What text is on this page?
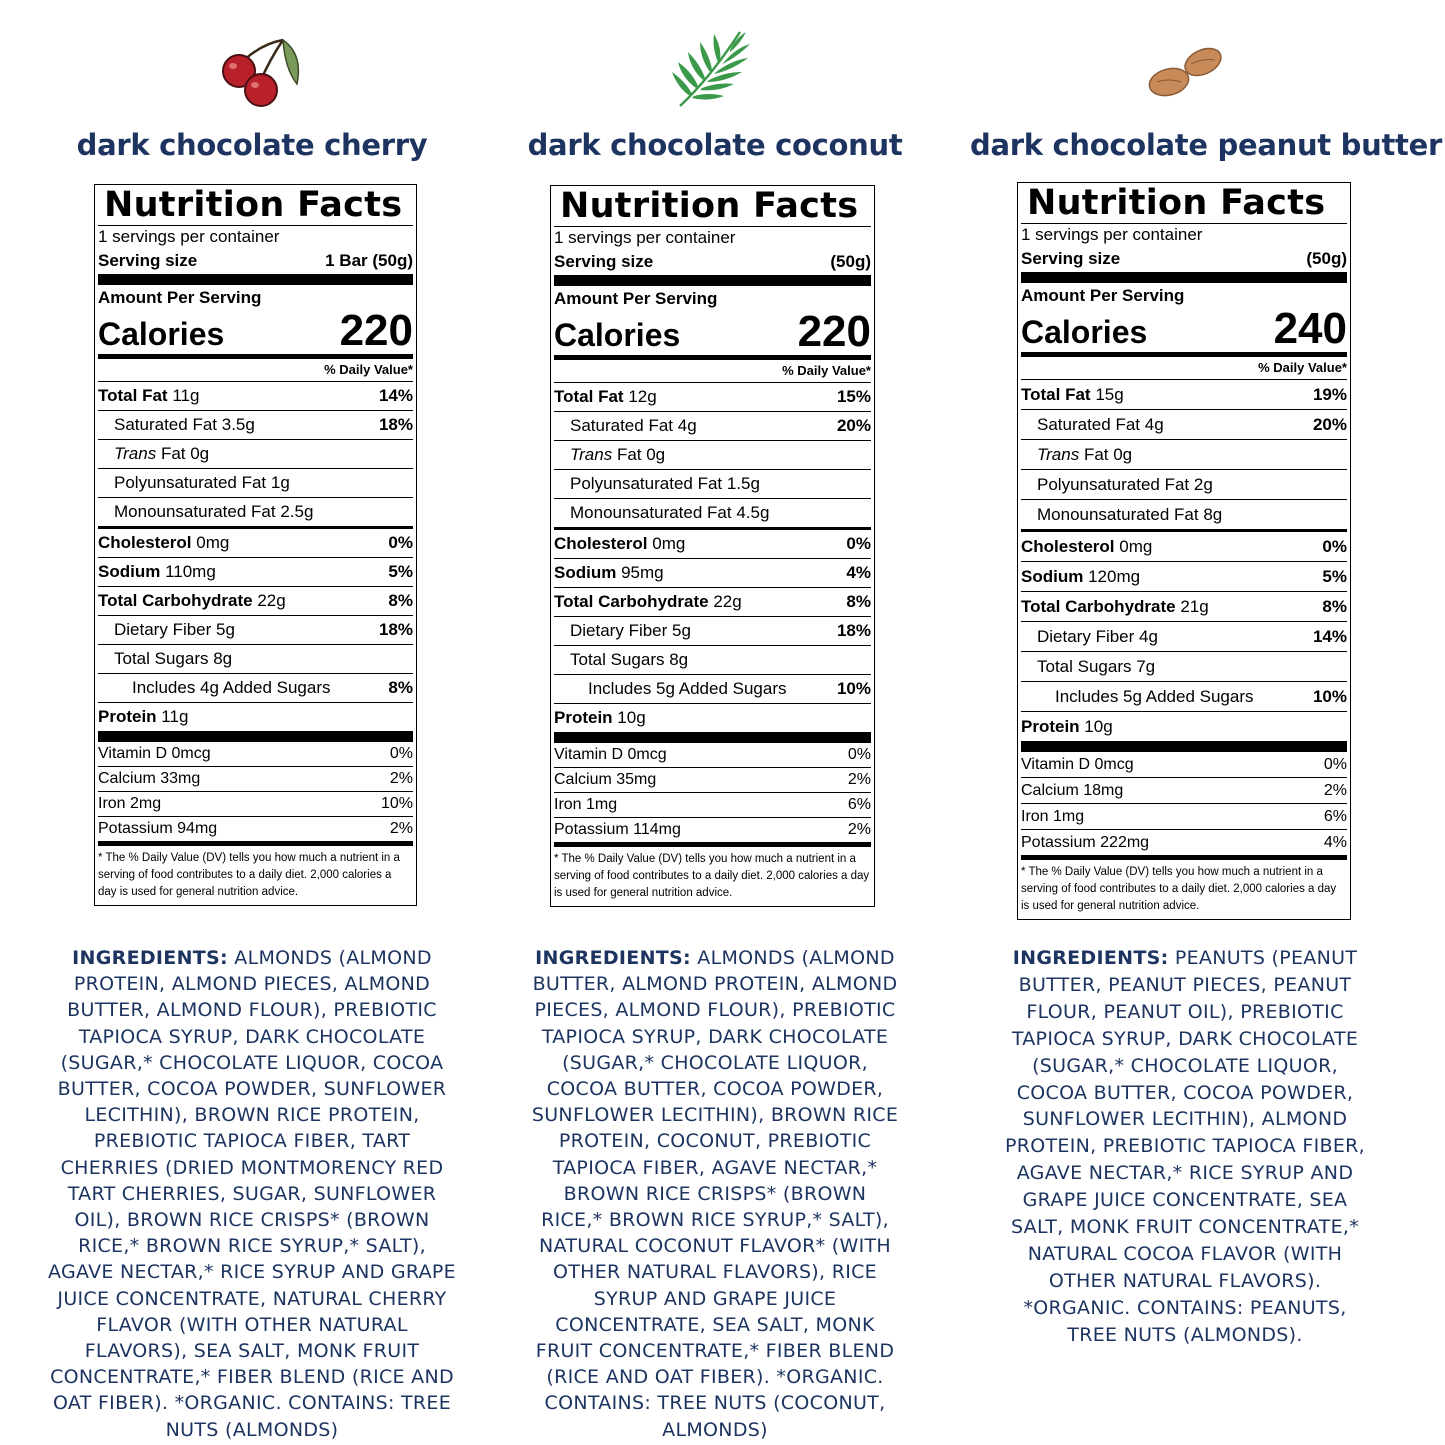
dark chocolate cherry
Nutrition Facts
1 servings per container
Serving size	1 Bar (50g)
Amount Per Serving
Calories	220
% Daily Value*
Total Fat 11g	14%
Saturated Fat 3.5g	18%
Trans Fat 0g
Polyunsaturated Fat 1g
Monounsaturated Fat 2.5g
Cholesterol 0mg	0%
Sodium 110mg	5%
Total Carbohydrate 22g	8%
Dietary Fiber 5g	18%
Total Sugars 8g
Includes 4g Added Sugars	8%
Protein 11g
Vitamin D 0mcg	0%
Calcium 33mg	2%
Iron 2mg	10%
Potassium 94mg	2%
* The % Daily Value (DV) tells you how much a nutrient in a serving of food contributes to a daily diet. 2,000 calories a day is used for general nutrition advice.
INGREDIENTS: ALMONDS (ALMOND PROTEIN, ALMOND PIECES, ALMOND BUTTER, ALMOND FLOUR), PREBIOTIC TAPIOCA SYRUP, DARK CHOCOLATE (SUGAR,* CHOCOLATE LIQUOR, COCOA BUTTER, COCOA POWDER, SUNFLOWER LECITHIN), BROWN RICE PROTEIN, PREBIOTIC TAPIOCA FIBER, TART CHERRIES (DRIED MONTMORENCY RED TART CHERRIES, SUGAR, SUNFLOWER OIL), BROWN RICE CRISPS* (BROWN RICE,* BROWN RICE SYRUP,* SALT), AGAVE NECTAR,* RICE SYRUP AND GRAPE JUICE CONCENTRATE, NATURAL CHERRY FLAVOR (WITH OTHER NATURAL FLAVORS), SEA SALT, MONK FRUIT CONCENTRATE,* FIBER BLEND (RICE AND OAT FIBER). *ORGANIC. CONTAINS: TREE NUTS (ALMONDS)
dark chocolate coconut
Nutrition Facts
1 servings per container
Serving size	(50g)
Amount Per Serving
Calories	220
% Daily Value*
Total Fat 12g	15%
Saturated Fat 4g	20%
Trans Fat 0g
Polyunsaturated Fat 1.5g
Monounsaturated Fat 4.5g
Cholesterol 0mg	0%
Sodium 95mg	4%
Total Carbohydrate 22g	8%
Dietary Fiber 5g	18%
Total Sugars 8g
Includes 5g Added Sugars	10%
Protein 10g
Vitamin D 0mcg	0%
Calcium 35mg	2%
Iron 1mg	6%
Potassium 114mg	2%
* The % Daily Value (DV) tells you how much a nutrient in a serving of food contributes to a daily diet. 2,000 calories a day is used for general nutrition advice.
INGREDIENTS: ALMONDS (ALMOND BUTTER, ALMOND PROTEIN, ALMOND PIECES, ALMOND FLOUR), PREBIOTIC TAPIOCA SYRUP, DARK CHOCOLATE (SUGAR,* CHOCOLATE LIQUOR, COCOA BUTTER, COCOA POWDER, SUNFLOWER LECITHIN), BROWN RICE PROTEIN, COCONUT, PREBIOTIC TAPIOCA FIBER, AGAVE NECTAR,* BROWN RICE CRISPS* (BROWN RICE,* BROWN RICE SYRUP,* SALT), NATURAL COCONUT FLAVOR* (WITH OTHER NATURAL FLAVORS), RICE SYRUP AND GRAPE JUICE CONCENTRATE, SEA SALT, MONK FRUIT CONCENTRATE,* FIBER BLEND (RICE AND OAT FIBER). *ORGANIC. CONTAINS: TREE NUTS (COCONUT, ALMONDS)
dark chocolate peanut butter
Nutrition Facts
1 servings per container
Serving size	(50g)
Amount Per Serving
Calories	240
% Daily Value*
Total Fat 15g	19%
Saturated Fat 4g	20%
Trans Fat 0g
Polyunsaturated Fat 2g
Monounsaturated Fat 8g
Cholesterol 0mg	0%
Sodium 120mg	5%
Total Carbohydrate 21g	8%
Dietary Fiber 4g	14%
Total Sugars 7g
Includes 5g Added Sugars	10%
Protein 10g
Vitamin D 0mcg	0%
Calcium 18mg	2%
Iron 1mg	6%
Potassium 222mg	4%
* The % Daily Value (DV) tells you how much a nutrient in a serving of food contributes to a daily diet. 2,000 calories a day is used for general nutrition advice.
INGREDIENTS: PEANUTS (PEANUT BUTTER, PEANUT PIECES, PEANUT FLOUR, PEANUT OIL), PREBIOTIC TAPIOCA SYRUP, DARK CHOCOLATE (SUGAR,* CHOCOLATE LIQUOR, COCOA BUTTER, COCOA POWDER, SUNFLOWER LECITHIN), ALMOND PROTEIN, PREBIOTIC TAPIOCA FIBER, AGAVE NECTAR,* RICE SYRUP AND GRAPE JUICE CONCENTRATE, SEA SALT, MONK FRUIT CONCENTRATE,* NATURAL COCOA FLAVOR (WITH OTHER NATURAL FLAVORS). *ORGANIC. CONTAINS: PEANUTS, TREE NUTS (ALMONDS).
